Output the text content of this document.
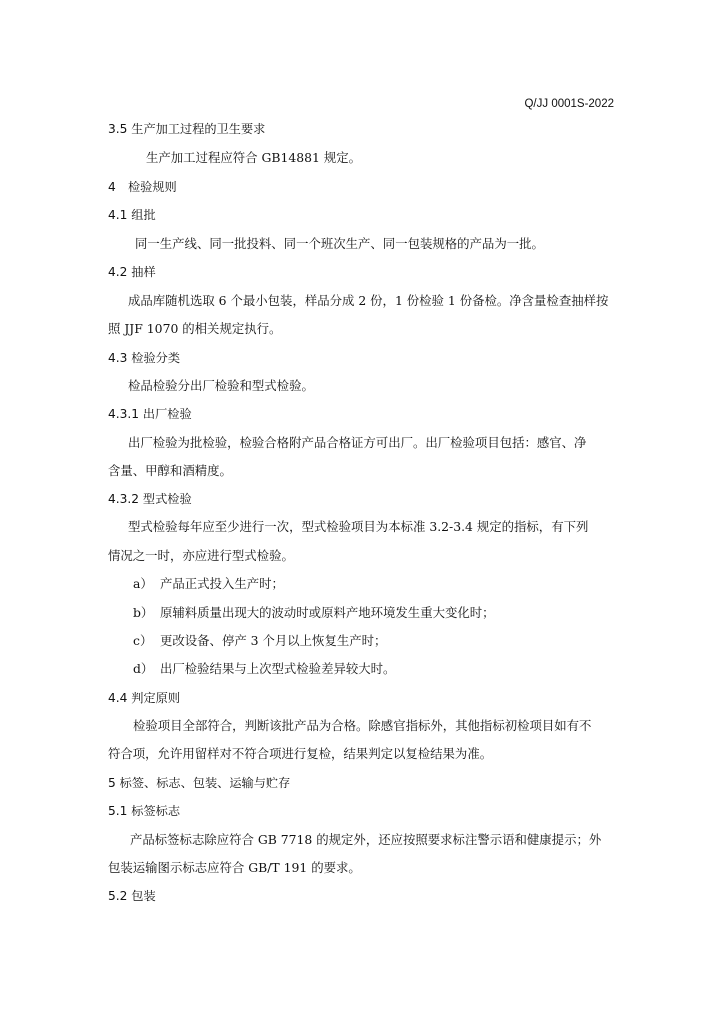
Q/JJ 0001S-2022
3.5 生产加工过程的卫生要求
生产加工过程应符合 GB14881 规定。
4　检验规则
4.1 组批
同一生产线、同一批投料、同一个班次生产、同一包装规格的产品为一批。
4.2 抽样
成品库随机选取 6 个最小包装，样品分成 2 份，1 份检验 1 份备检。净含量检查抽样按
照 JJF 1070 的相关规定执行。
4.3 检验分类
检品检验分出厂检验和型式检验。
4.3.1 出厂检验
出厂检验为批检验，检验合格附产品合格证方可出厂。出厂检验项目包括：感官、净
含量、甲醇和酒精度。
4.3.2 型式检验
型式检验每年应至少进行一次，型式检验项目为本标准 3.2-3.4 规定的指标，有下列
情况之一时，亦应进行型式检验。
a） 产品正式投入生产时；
b） 原辅料质量出现大的波动时或原料产地环境发生重大变化时；
c） 更改设备、停产 3 个月以上恢复生产时；
d） 出厂检验结果与上次型式检验差异较大时。
4.4 判定原则
检验项目全部符合，判断该批产品为合格。除感官指标外，其他指标初检项目如有不
符合项，允许用留样对不符合项进行复检，结果判定以复检结果为准。
5 标签、标志、包装、运输与贮存
5.1 标签标志
产品标签标志除应符合 GB 7718 的规定外，还应按照要求标注警示语和健康提示；外
包装运输图示标志应符合 GB/T 191 的要求。
5.2 包装
